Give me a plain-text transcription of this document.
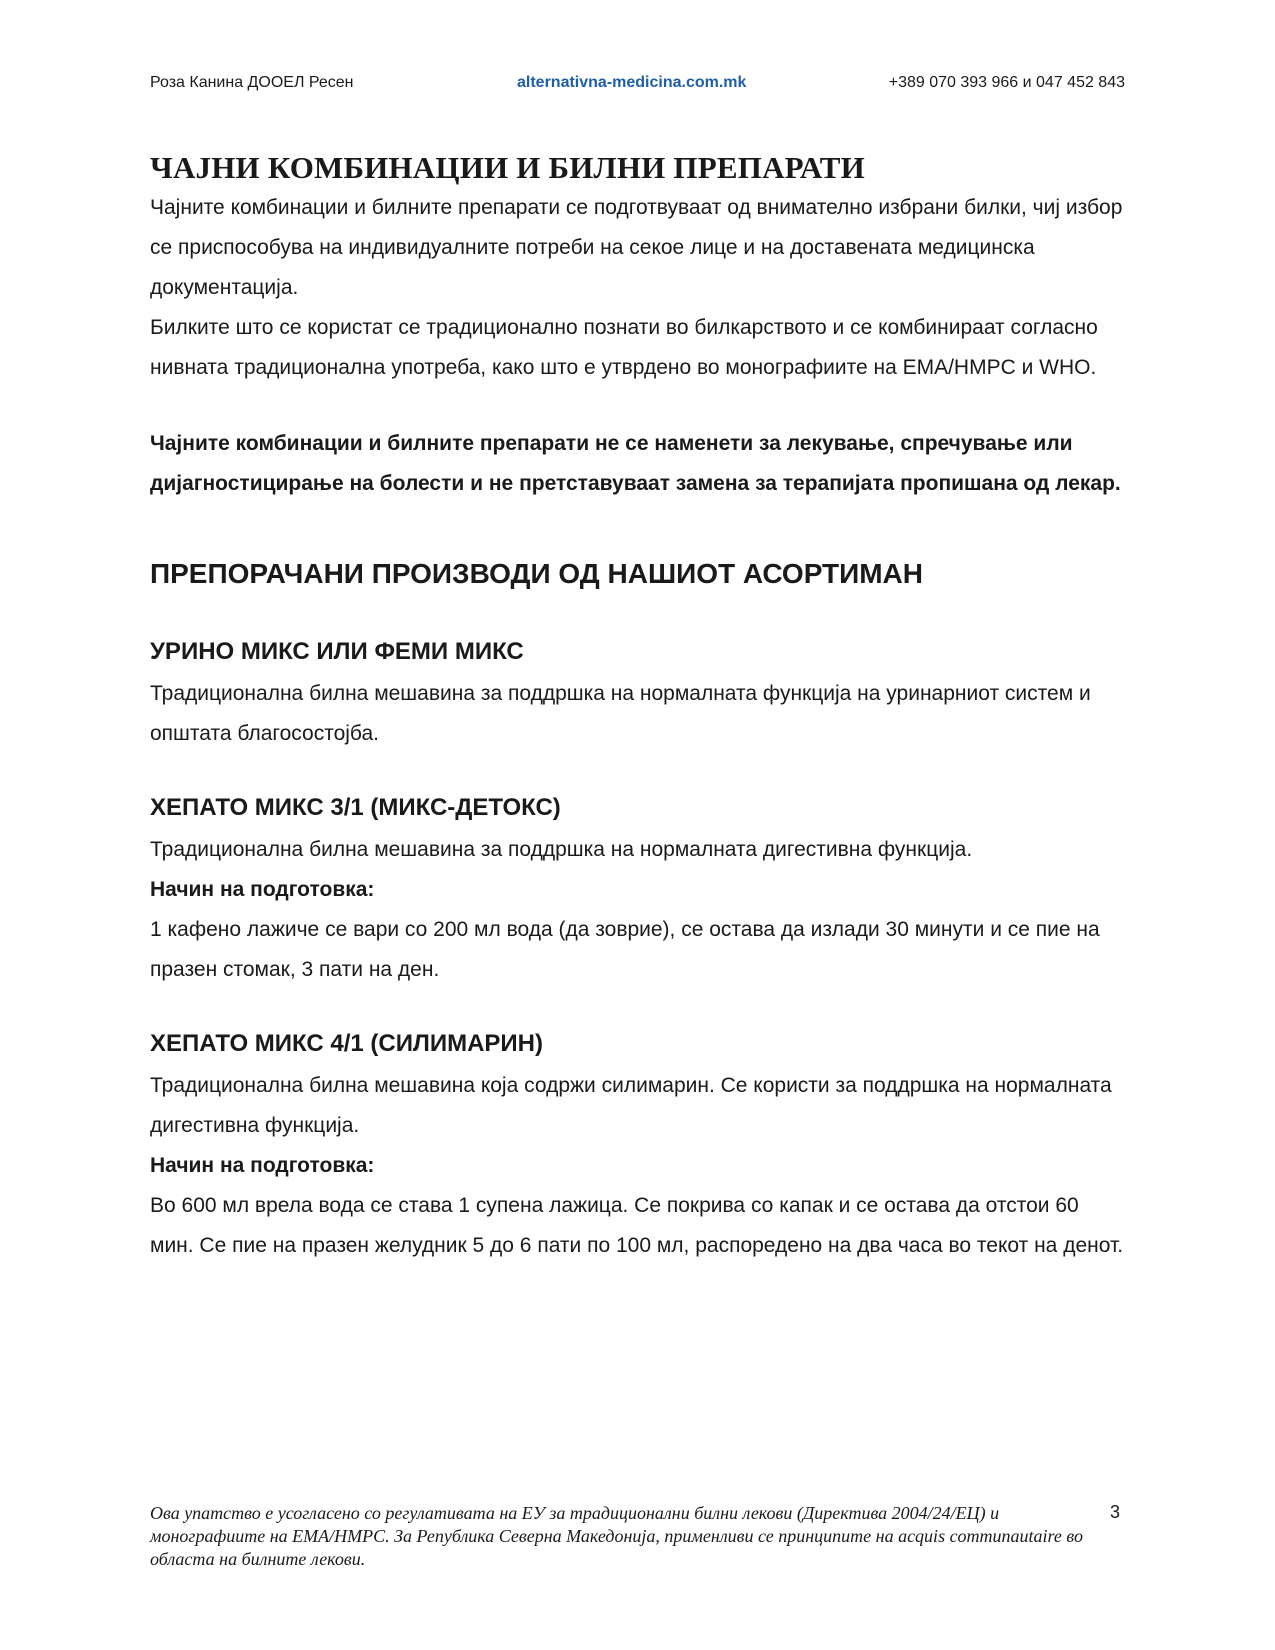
Роза Канина ДООЕЛ Ресен	alternativna-medicina.com.mk	+389 070 393 966 и 047 452 843
ЧАЈНИ КОМБИНАЦИИ И БИЛНИ ПРЕПАРАТИ

Чајните комбинации и билните препарати се подготвуваат од внимателно избрани билки, чиј избор се приспособува на индивидуалните потреби на секое лице и на доставената медицинска документација.

Билките што се користат се традиционално познати во билкарството и се комбинираат согласно нивната традиционална употреба, како што е утврдено во монографиите на EMA/HMPC и WHO.

Чајните комбинации и билните препарати не се наменети за лекување, спречување или дијагностицирање на болести и не претставуваат замена за терапијата пропишана од лекар.

ПРЕПОРАЧАНИ ПРОИЗВОДИ ОД НАШИОТ АСОРТИМАН
УРИНО МИКС ИЛИ ФЕМИ МИКС

Традиционална билна мешавина за поддршка на нормалната функција на уринарниот систем и општата благосостојба.

ХЕПАТО МИКС 3/1 (МИКС-ДЕТОКС)

Традиционална билна мешавина за поддршка на нормалната дигестивна функција.

Начин на подготовка:

1 кафено лажиче се вари со 200 мл вода (да зоврие), се остава да излади 30 минути и се пие на празен стомак, 3 пати на ден.

ХЕПАТО МИКС 4/1 (СИЛИМАРИН)

Традиционална билна мешавина која содржи силимарин. Се користи за поддршка на нормалната дигестивна функција.

Начин на подготовка:

Во 600 мл врела вода се става 1 супена лажица. Се покрива со капак и се остава да отстои 60 мин. Се пие на празен желудник 5 до 6 пати по 100 мл, распоредено на два часа во текот на денот.

Ова упатство е усогласено со регулативата на ЕУ за традиционални билни лекови (Директива 2004/24/ЕЦ) и монографиите на ЕМА/HMPC. За Република Северна Македонија, применливи се принципите на acquis communautaire во областа на билните лекови.
3
